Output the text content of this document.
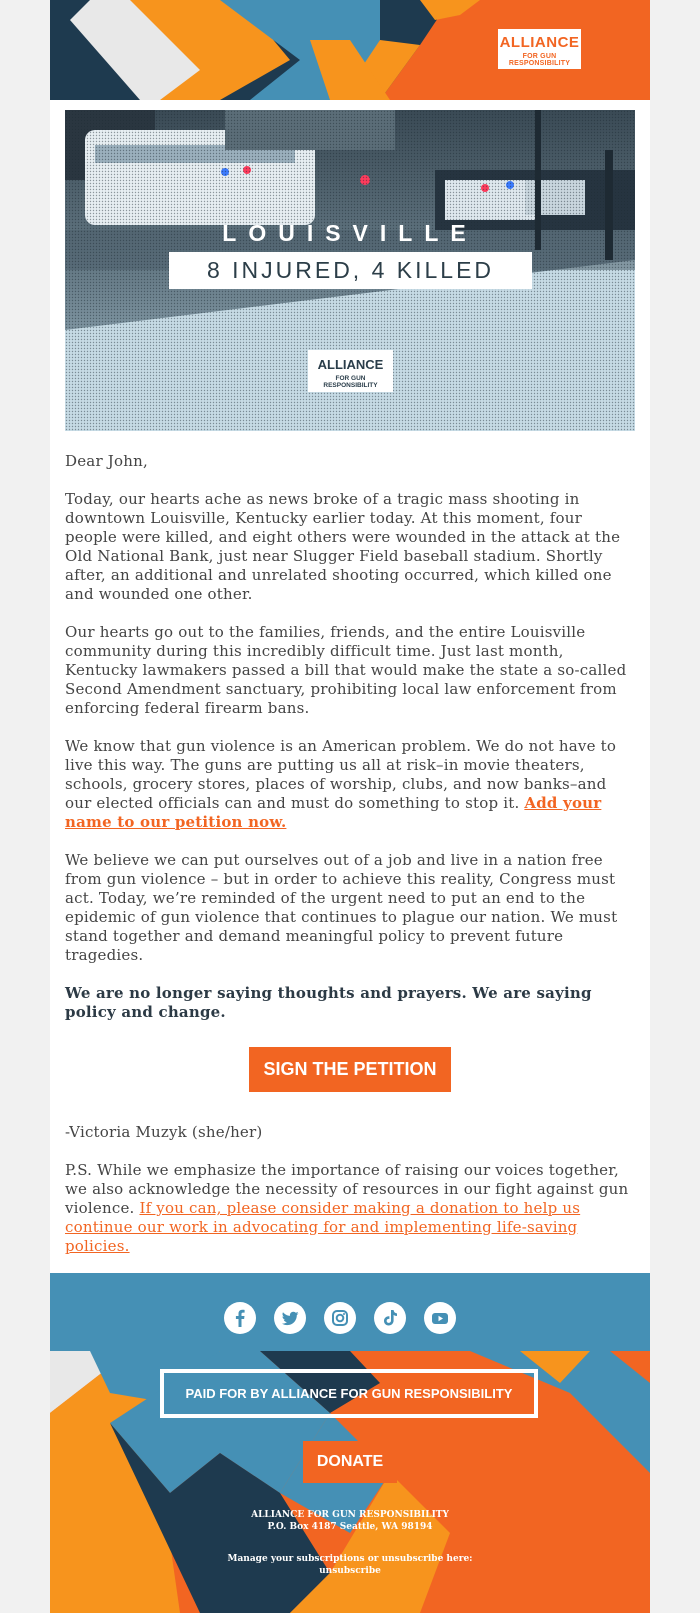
ALLIANCE
FOR GUN RESPONSIBILITY
LOUISVILLE
8 INJURED, 4 KILLED
ALLIANCE
FOR GUN RESPONSIBILITY

Dear John,

Today, our hearts ache as news broke of a tragic mass shooting in downtown Louisville, Kentucky earlier today. At this moment, four people were killed, and eight others were wounded in the attack at the Old National Bank, just near Slugger Field baseball stadium. Shortly after, an additional and unrelated shooting occurred, which killed one and wounded one other.

Our hearts go out to the families, friends, and the entire Louisville community during this incredibly difficult time. Just last month, Kentucky lawmakers passed a bill that would make the state a so-called Second Amendment sanctuary, prohibiting local law enforcement from enforcing federal firearm bans.

We know that gun violence is an American problem. We do not have to live this way. The guns are putting us all at risk–in movie theaters, schools, grocery stores, places of worship, clubs, and now banks–and our elected officials can and must do something to stop it. Add your name to our petition now.

We believe we can put ourselves out of a job and live in a nation free from gun violence – but in order to achieve this reality, Congress must act. Today, we’re reminded of the urgent need to put an end to the epidemic of gun violence that continues to plague our nation. We must stand together and demand meaningful policy to prevent future tragedies.

We are no longer saying thoughts and prayers. We are saying policy and change.

SIGN THE PETITION

-Victoria Muzyk (she/her)

P.S. While we emphasize the importance of raising our voices together, we also acknowledge the necessity of resources in our fight against gun violence. If you can, please consider making a donation to help us continue our work in advocating for and implementing life-saving policies.

PAID FOR BY ALLIANCE FOR GUN RESPONSIBILITY
DONATE
ALLIANCE FOR GUN RESPONSIBILITY
P.O. Box 4187 Seattle, WA 98194
Manage your subscriptions or unsubscribe here:
unsubscribe
